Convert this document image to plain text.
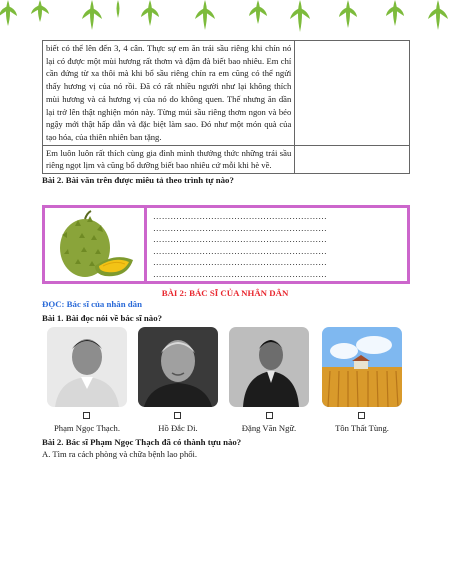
biết có thể lên đến 3, 4 cân. Thực sự em ăn trái sầu riêng khi chín nó lại có được một mùi hương rất thơm và đậm đà biết bao nhiêu. Em chỉ cần đứng từ xa thôi mà khi bổ sầu riêng chín ra em cũng có thể ngửi thấy hương vị của nó rồi. Đã có rất nhiều người như lại không thích mùi hương và cả hương vị của nó do không quen. Thế nhưng ăn dần lại trở lên thật nghiện món này. Từng múi sầu riêng thơm ngon và béo ngậy mới thật hấp dẫn và đặc biệt làm sao. Đó như một món quà của tạo hóa, của thiên nhiên ban tặng.	
Em luôn luôn rất thích cùng gia đình mình thưởng thức những trái sầu riêng ngọt lịm và cũng bổ dưỡng biết bao nhiêu cứ mỗi khi hè về.	
Bài 2. Bài văn trên được miêu tả theo trình tự nào?
……………………………………………………
……………………………………………………
……………………………………………………
……………………………………………………
……………………………………………………
……………………………………………………
BÀI 2: BÁC SĨ CỦA NHÂN DÂN
ĐỌC: Bác sĩ của nhân dân
Bài 1. Bài đọc nói về bác sĩ nào?
Phạm Ngọc Thạch.	Hồ Đắc Di.	Đặng Văn Ngữ.	Tôn Thất Tùng.
Bài 2. Bác sĩ Phạm Ngọc Thạch đã có thành tựu nào?
A. Tìm ra cách phòng và chữa bệnh lao phổi.
